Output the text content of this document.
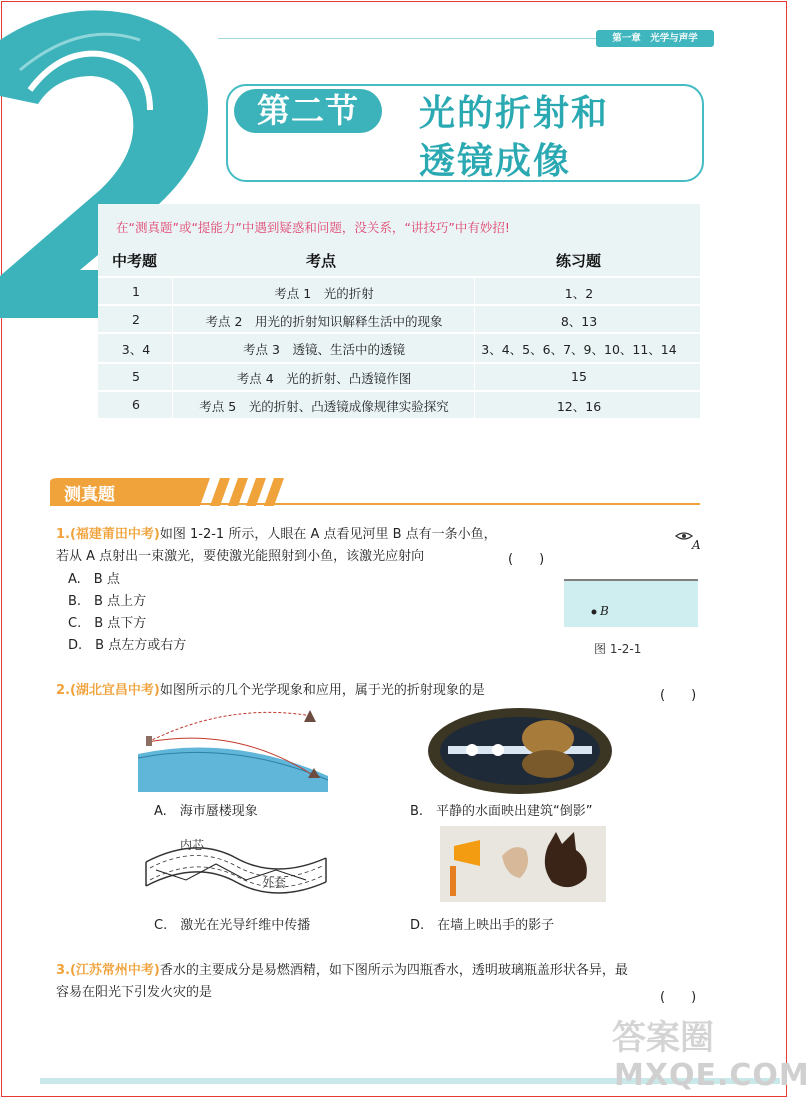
第一章　光学与声学
第二节	光的折射和
透镜成像
在“测真题”或“提能力”中遇到疑惑和问题，没关系，“讲技巧”中有妙招!
中考题	考点	练习题
1	考点 1　光的折射	1、2
2	考点 2　用光的折射知识解释生活中的现象	8、13
3、4	考点 3　透镜、生活中的透镜	3、4、5、6、7、9、10、11、14
5	考点 4　光的折射、凸透镜作图	15
6	考点 5　光的折射、凸透镜成像规律实验探究	12、16
测真题
1.(福建莆田中考)如图 1-2-1 所示，人眼在 A 点看见河里 B 点有一条小鱼，
若从 A 点射出一束激光，要使激光能照射到小鱼，该激光应射向	(　　)
A.　B 点
B.　B 点上方
C.　B 点下方
D.　B 点左方或右方
A
B
图 1-2-1
2.(湖北宜昌中考)如图所示的几个光学现象和应用，属于光的折射现象的是	(　　)
A.　海市蜃楼现象	B.　平静的水面映出建筑“倒影”
内芯
外套
C.　激光在光导纤维中传播	D.　在墙上映出手的影子
3.(江苏常州中考)香水的主要成分是易燃酒精，如下图所示为四瓶香水，透明玻璃瓶盖形状各异，最
容易在阳光下引发火灾的是	(　　)
答案圈
MXQE.COM
